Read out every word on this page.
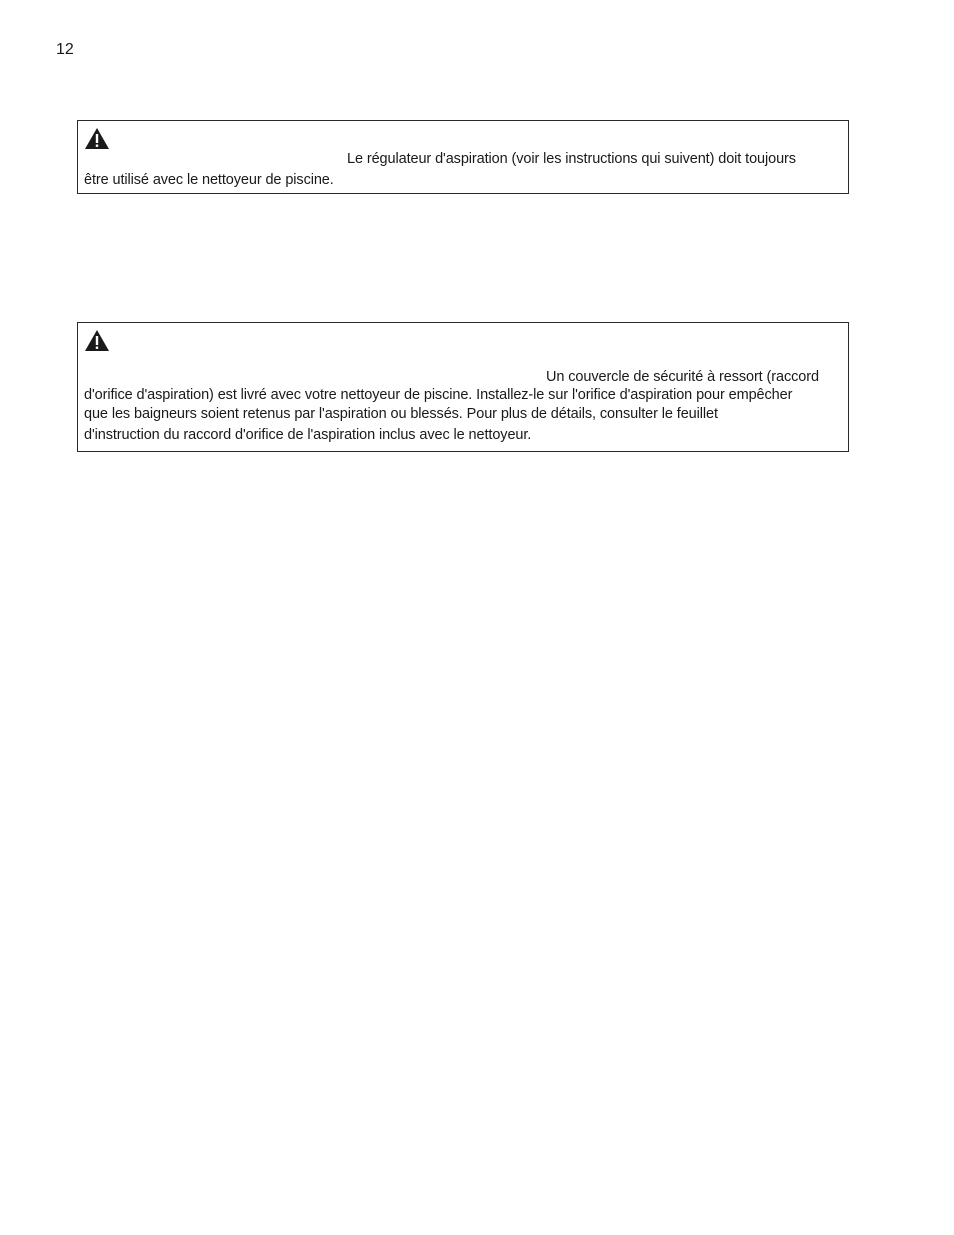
12
Le régulateur d'aspiration (voir les instructions qui suivent) doit toujours
être utilisé avec le nettoyeur de piscine.
Un couvercle de sécurité à ressort (raccord
d'orifice d'aspiration) est livré avec votre nettoyeur de piscine. Installez-le sur l'orifice d'aspiration pour empêcher
que les baigneurs soient retenus par l'aspiration ou blessés. Pour plus de détails, consulter le feuillet
d'instruction du raccord d'orifice de l'aspiration inclus avec le nettoyeur.
